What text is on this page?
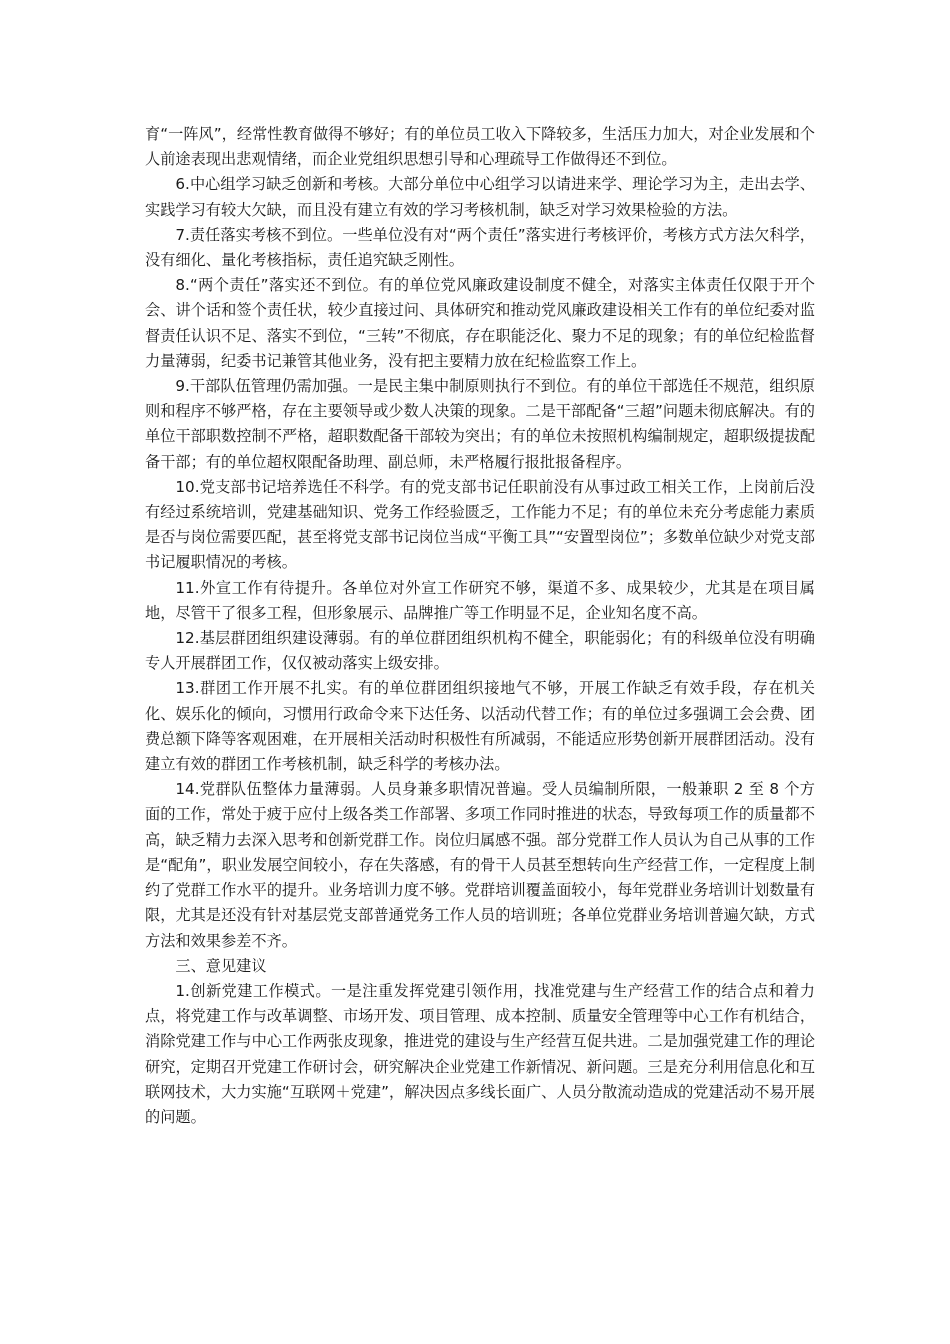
育“一阵风”，经常性教育做得不够好；有的单位员工收入下降较多，生活压力加大，对企业发展和个人前途表现出悲观情绪，而企业党组织思想引导和心理疏导工作做得还不到位。

6.中心组学习缺乏创新和考核。大部分单位中心组学习以请进来学、理论学习为主，走出去学、实践学习有较大欠缺，而且没有建立有效的学习考核机制，缺乏对学习效果检验的方法。

7.责任落实考核不到位。一些单位没有对“两个责任”落实进行考核评价，考核方式方法欠科学，没有细化、量化考核指标，责任追究缺乏刚性。

8.“两个责任”落实还不到位。有的单位党风廉政建设制度不健全，对落实主体责任仅限于开个会、讲个话和签个责任状，较少直接过问、具体研究和推动党风廉政建设相关工作有的单位纪委对监督责任认识不足、落实不到位，“三转”不彻底，存在职能泛化、聚力不足的现象；有的单位纪检监督力量薄弱，纪委书记兼管其他业务，没有把主要精力放在纪检监察工作上。

9.干部队伍管理仍需加强。一是民主集中制原则执行不到位。有的单位干部选任不规范，组织原则和程序不够严格，存在主要领导或少数人决策的现象。二是干部配备“三超”问题未彻底解决。有的单位干部职数控制不严格，超职数配备干部较为突出；有的单位未按照机构编制规定，超职级提拔配备干部；有的单位超权限配备助理、副总师，未严格履行报批报备程序。

10.党支部书记培养选任不科学。有的党支部书记任职前没有从事过政工相关工作，上岗前后没有经过系统培训，党建基础知识、党务工作经验匮乏，工作能力不足；有的单位未充分考虑能力素质是否与岗位需要匹配，甚至将党支部书记岗位当成“平衡工具”“安置型岗位”；多数单位缺少对党支部书记履职情况的考核。

11.外宣工作有待提升。各单位对外宣工作研究不够，渠道不多、成果较少，尤其是在项目属地，尽管干了很多工程，但形象展示、品牌推广等工作明显不足，企业知名度不高。

12.基层群团组织建设薄弱。有的单位群团组织机构不健全，职能弱化；有的科级单位没有明确专人开展群团工作，仅仅被动落实上级安排。

13.群团工作开展不扎实。有的单位群团组织接地气不够，开展工作缺乏有效手段，存在机关化、娱乐化的倾向，习惯用行政命令来下达任务、以活动代替工作；有的单位过多强调工会会费、团费总额下降等客观困难，在开展相关活动时积极性有所减弱，不能适应形势创新开展群团活动。没有建立有效的群团工作考核机制，缺乏科学的考核办法。

14.党群队伍整体力量薄弱。人员身兼多职情况普遍。受人员编制所限，一般兼职 2 至 8 个方面的工作，常处于疲于应付上级各类工作部署、多项工作同时推进的状态，导致每项工作的质量都不高，缺乏精力去深入思考和创新党群工作。岗位归属感不强。部分党群工作人员认为自己从事的工作是“配角”，职业发展空间较小，存在失落感，有的骨干人员甚至想转向生产经营工作，一定程度上制约了党群工作水平的提升。业务培训力度不够。党群培训覆盖面较小，每年党群业务培训计划数量有限，尤其是还没有针对基层党支部普通党务工作人员的培训班；各单位党群业务培训普遍欠缺，方式方法和效果参差不齐。

三、意见建议

1.创新党建工作模式。一是注重发挥党建引领作用，找准党建与生产经营工作的结合点和着力点，将党建工作与改革调整、市场开发、项目管理、成本控制、质量安全管理等中心工作有机结合，消除党建工作与中心工作两张皮现象，推进党的建设与生产经营互促共进。二是加强党建工作的理论研究，定期召开党建工作研讨会，研究解决企业党建工作新情况、新问题。三是充分利用信息化和互联网技术，大力实施“互联网＋党建”，解决因点多线长面广、人员分散流动造成的党建活动不易开展的问题。
